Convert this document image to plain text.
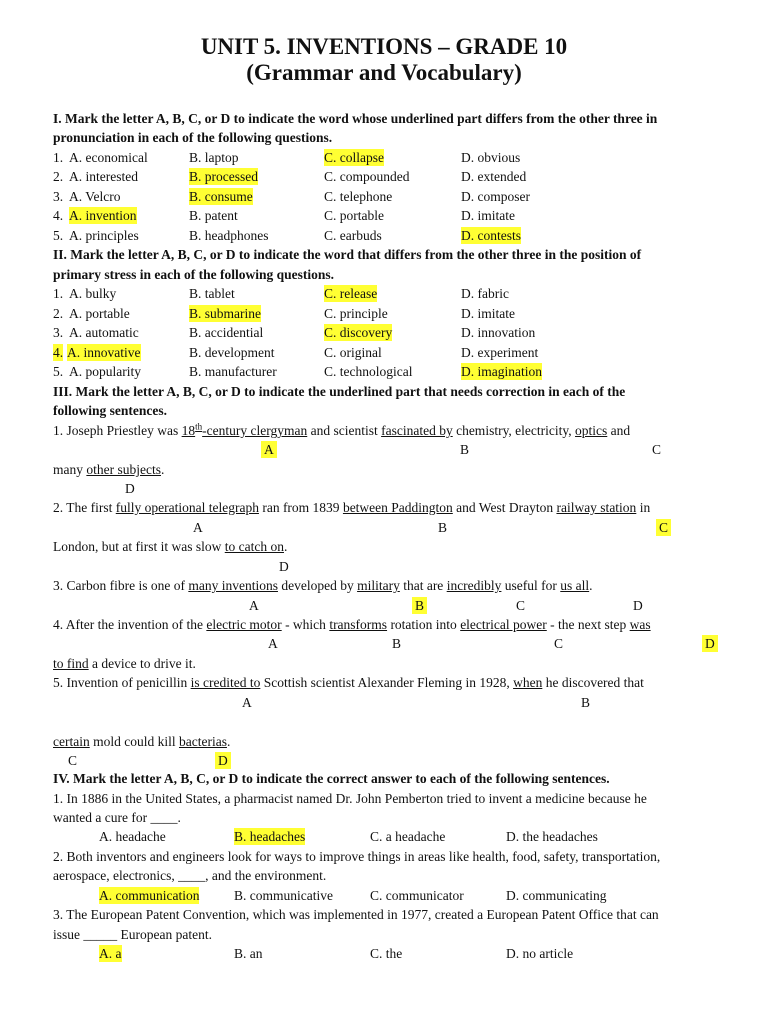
UNIT 5. INVENTIONS – GRADE 10
(Grammar and Vocabulary)
I. Mark the letter A, B, C, or D to indicate the word whose underlined part differs from the other three in
pronunciation in each of the following questions.
1. A. economical	B. laptop	C. collapse	D. obvious
2. A. interested	B. processed	C. compounded	D. extended
3. A. Velcro	B. consume	C. telephone	D. composer
4. A. invention	B. patent	C. portable	D. imitate
5. A. principles	B. headphones	C. earbuds	D. contests
II. Mark the letter A, B, C, or D to indicate the word that differs from the other three in the position of
primary stress in each of the following questions.
1. A. bulky	B. tablet	C. release	D. fabric
2. A. portable	B. submarine	C. principle	D. imitate
3. A. automatic	B. accidential	C. discovery	D. innovation
4. A. innovative	B. development	C. original	D. experiment
5. A. popularity	B. manufacturer	C. technological	D. imagination
III. Mark the letter A, B, C, or D to indicate the underlined part that needs correction in each of the
following sentences.
1. Joseph Priestley was 18th-century clergyman and scientist fascinated by chemistry, electricity, optics and
A	B	C
many other subjects.
D
2. The first fully operational telegraph ran from 1839 between Paddington and West Drayton railway station in
A	B	C
London, but at first it was slow to catch on.
D
3. Carbon fibre is one of many inventions developed by military that are incredibly useful for us all.
A	B	C	D
4. After the invention of the electric motor - which transforms rotation into electrical power - the next step was
A	B	C	D
to find a device to drive it.
5. Invention of penicillin is credited to Scottish scientist Alexander Fleming in 1928, when he discovered that
A	B
certain mold could kill bacterias.
C	D
IV. Mark the letter A, B, C, or D to indicate the correct answer to each of the following sentences.
1. In 1886 in the United States, a pharmacist named Dr. John Pemberton tried to invent a medicine because he
wanted a cure for ____.
A. headache	B. headaches	C. a headache	D. the headaches
2. Both inventors and engineers look for ways to improve things in areas like health, food, safety, transportation,
aerospace, electronics, ____, and the environment.
A. communication	B. communicative	C. communicator	D. communicating
3. The European Patent Convention, which was implemented in 1977, created a European Patent Office that can
issue _____ European patent.
A. a	B. an	C. the	D. no article
